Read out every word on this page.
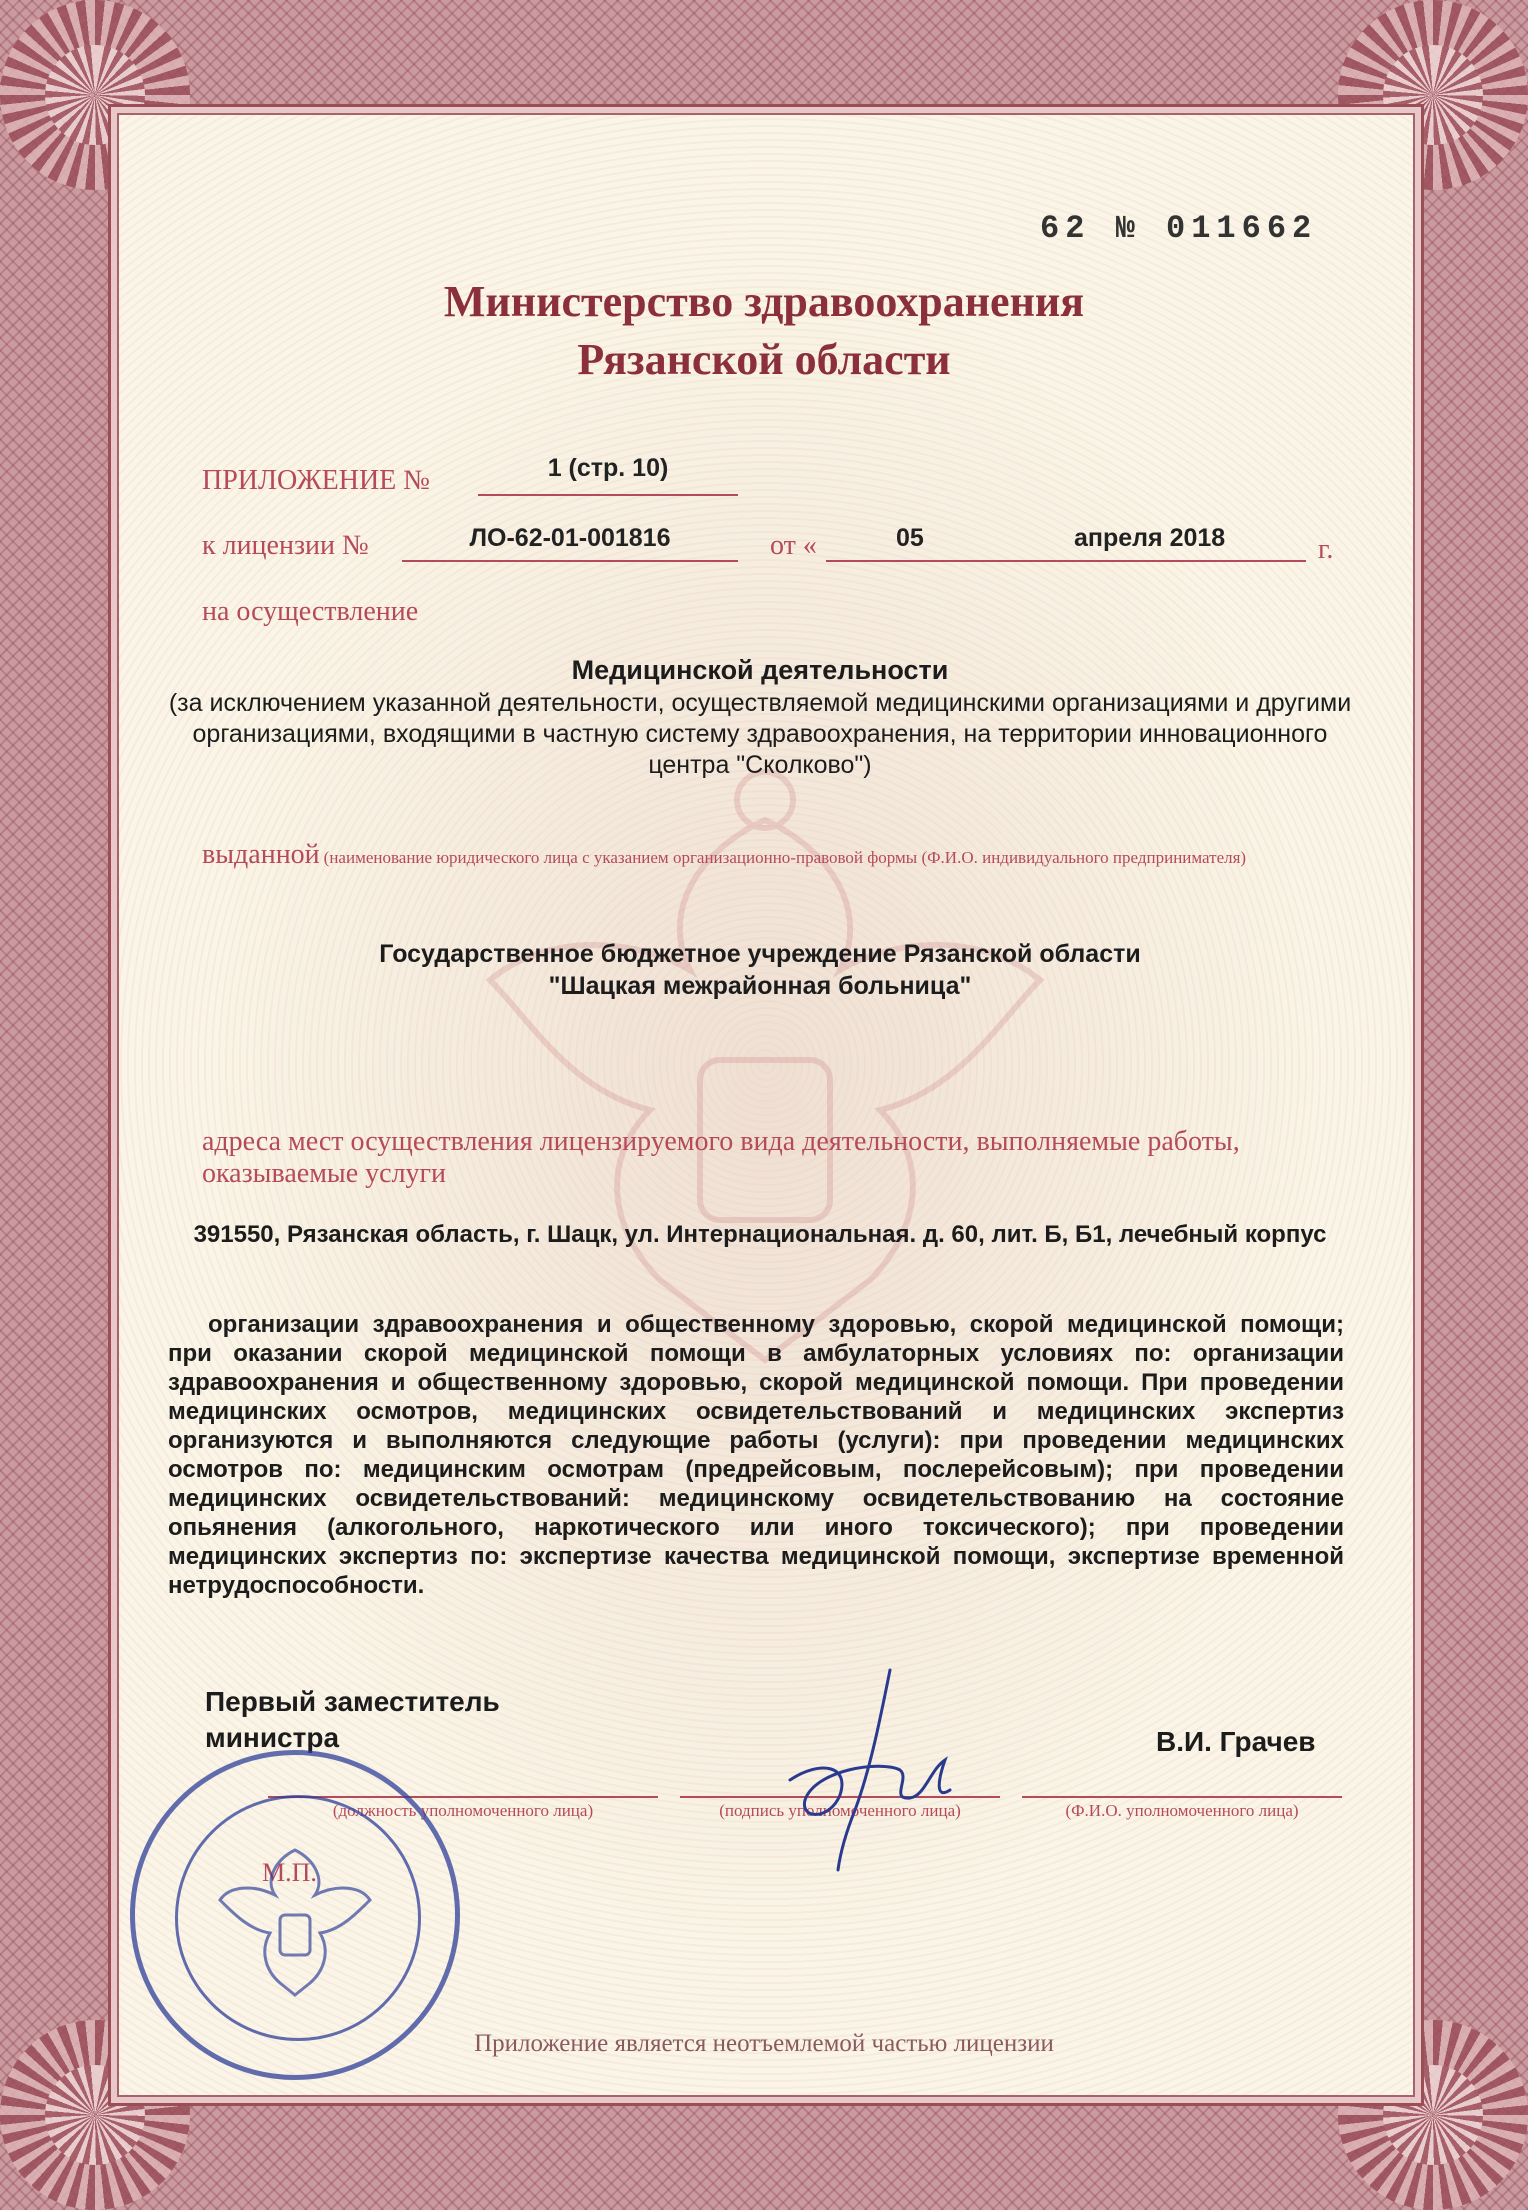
62 № 011662
Министерство здравоохранения
Рязанской области
ПРИЛОЖЕНИЕ №	1 (стр. 10)
к лицензии №	ЛО-62-01-001816	от «	05	апреля 2018	г.
на осуществление
Медицинской деятельности
(за исключением указанной деятельности, осуществляемой медицинскими организациями и другими организациями, входящими в частную систему здравоохранения, на территории инновационного центра "Сколково")
выданной (наименование юридического лица с указанием организационно-правовой формы (Ф.И.О. индивидуального предпринимателя)
Государственное бюджетное учреждение Рязанской области
"Шацкая межрайонная больница"
адреса мест осуществления лицензируемого вида деятельности, выполняемые работы, оказываемые услуги
391550, Рязанская область, г. Шацк, ул. Интернациональная. д. 60, лит. Б, Б1, лечебный корпус
организации здравоохранения и общественному здоровью, скорой медицинской помощи; при оказании скорой медицинской помощи в амбулаторных условиях по: организации здравоохранения и общественному здоровью, скорой медицинской помощи. При проведении медицинских осмотров, медицинских освидетельствований и медицинских экспертиз организуются и выполняются следующие работы (услуги): при проведении медицинских осмотров по: медицинским осмотрам (предрейсовым, послерейсовым); при проведении медицинских освидетельствований: медицинскому освидетельствованию на состояние опьянения (алкогольного, наркотического или иного токсического); при проведении медицинских экспертиз по: экспертизе качества медицинской помощи, экспертизе временной нетрудоспособности.
Первый заместитель
министра	В.И. Грачев
(должность уполномоченного лица)	(подпись уполномоченного лица)	(Ф.И.О. уполномоченного лица)
М.П.
Приложение является неотъемлемой частью лицензии
